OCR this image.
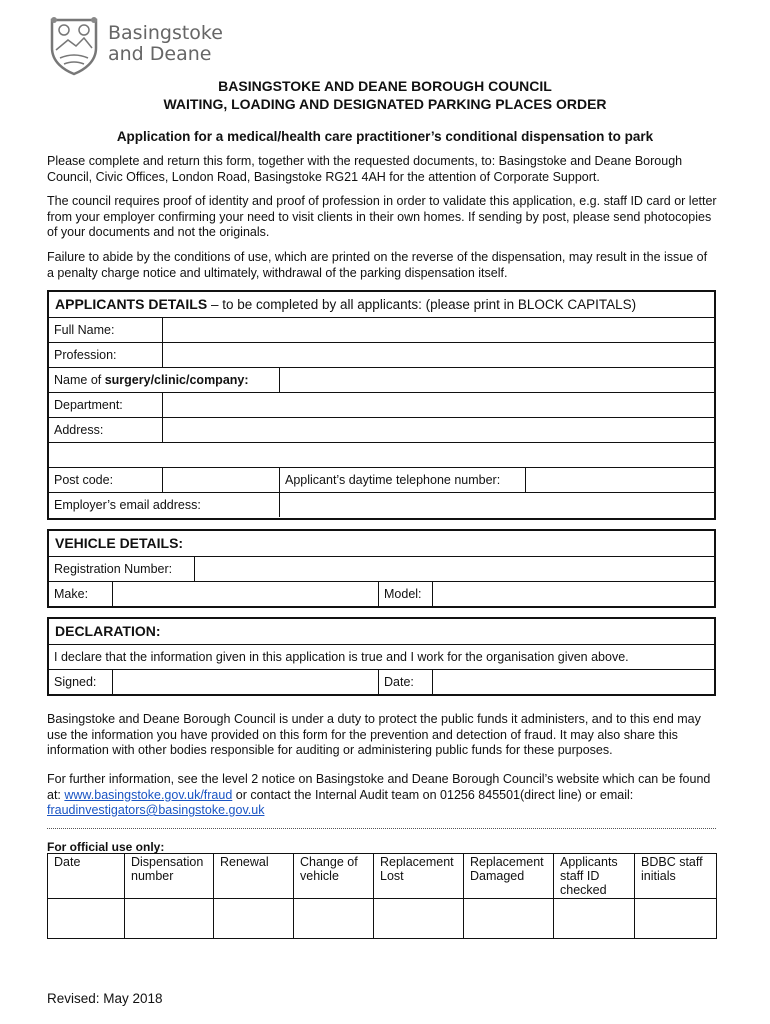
Basingstoke
and Deane
BASINGSTOKE AND DEANE BOROUGH COUNCIL
WAITING, LOADING AND DESIGNATED PARKING PLACES ORDER
Application for a medical/health care practitioner’s conditional dispensation to park
Please complete and return this form, together with the requested documents, to: Basingstoke and Deane Borough Council, Civic Offices, London Road, Basingstoke RG21 4AH for the attention of Corporate Support.
The council requires proof of identity and proof of profession in order to validate this application, e.g. staff ID card or letter from your employer confirming your need to visit clients in their own homes. If sending by post, please send photocopies of your documents and not the originals.
Failure to abide by the conditions of use, which are printed on the reverse of the dispensation, may result in the issue of a penalty charge notice and ultimately, withdrawal of the parking dispensation itself.
APPLICANTS DETAILS – to be completed by all applicants: (please print in BLOCK CAPITALS)
Full Name:
Profession:
Name of surgery/clinic/company:
Department:
Address:
Post code:	Applicant’s daytime telephone number:
Employer’s email address:
VEHICLE DETAILS:
Registration Number:
Make:	Model:
DECLARATION:
I declare that the information given in this application is true and I work for the organisation given above.
Signed:	Date:
Basingstoke and Deane Borough Council is under a duty to protect the public funds it administers, and to this end may use the information you have provided on this form for the prevention and detection of fraud. It may also share this information with other bodies responsible for auditing or administering public funds for these purposes.
For further information, see the level 2 notice on Basingstoke and Deane Borough Council’s website which can be found at: www.basingstoke.gov.uk/fraud or contact the Internal Audit team on 01256 845501(direct line) or email: fraudinvestigators@basingstoke.gov.uk
For official use only:
Date	Dispensation number	Renewal	Change of vehicle	Replacement Lost	Replacement Damaged	Applicants staff ID checked	BDBC staff initials

Revised: May 2018
